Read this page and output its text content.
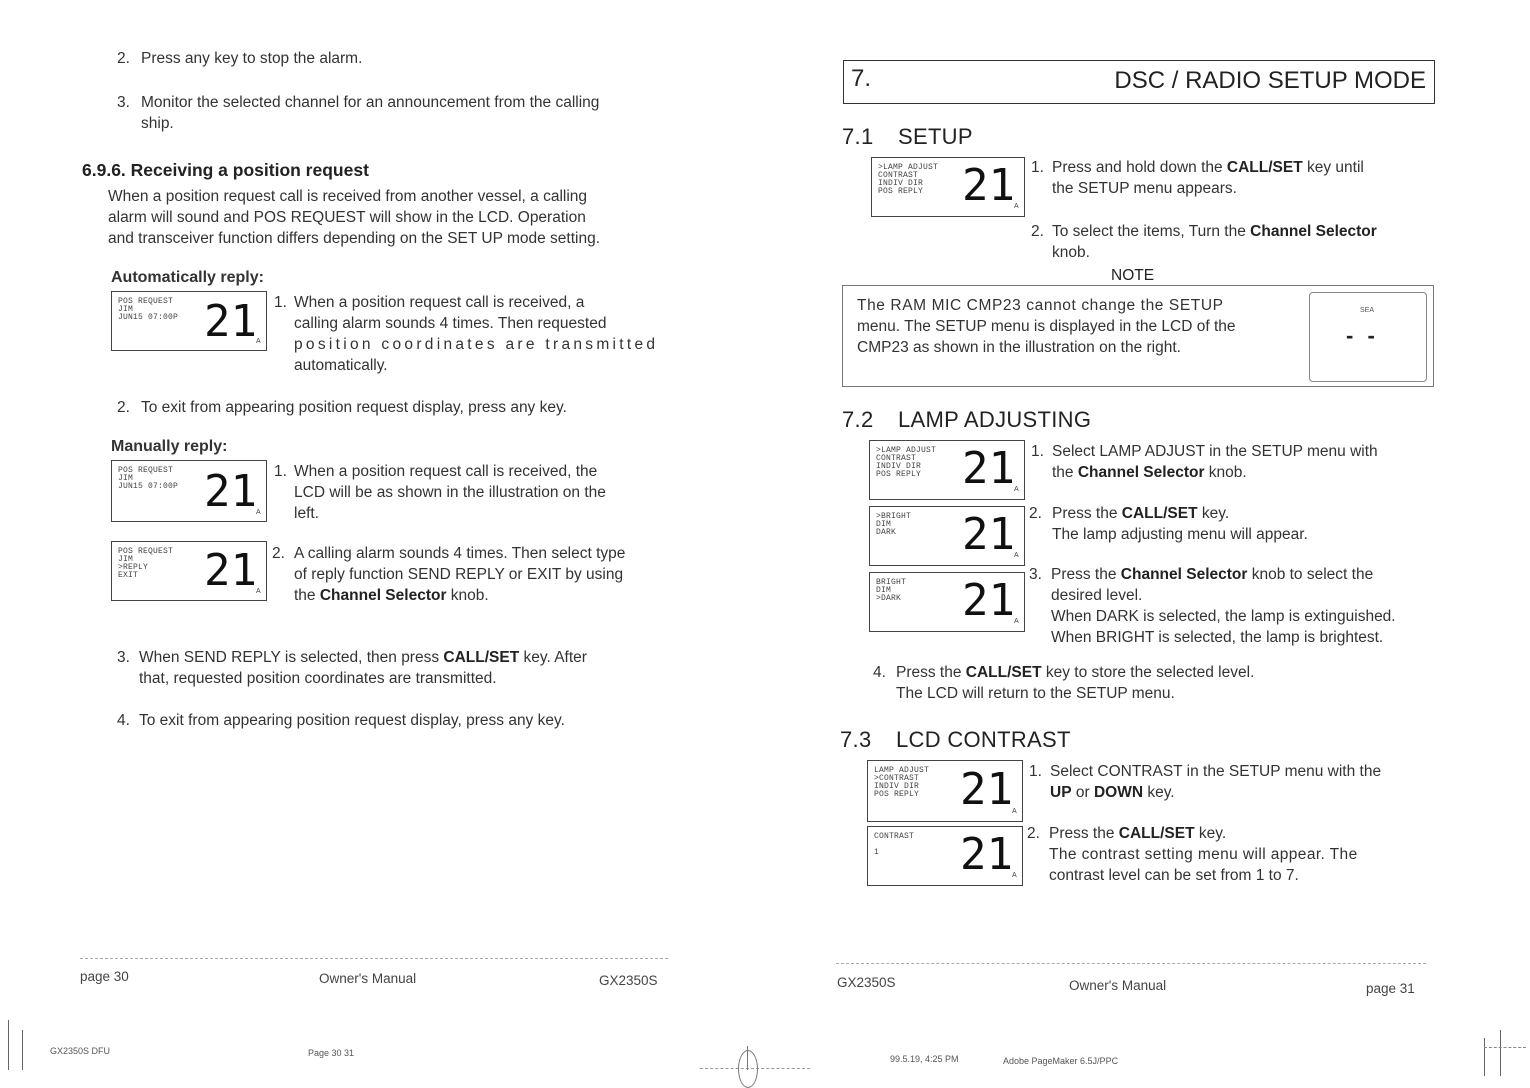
2. Press any key to stop the alarm.
3. Monitor the selected channel for an announcement from the calling
ship.
6.9.6. Receiving a position request
When a position request call is received from another vessel, a calling
alarm will sound and POS REQUEST will show in the LCD. Operation
and transceiver function differs depending on the SET UP mode setting.
Automatically reply:
POS REQUEST
JIM
JUN15 07:00P 21 A
1. When a position request call is received, a
calling alarm sounds 4 times. Then requested
position coordinates are transmitted
automatically.
2. To exit from appearing position request display, press any key.
Manually reply:
POS REQUEST
JIM
JUN15 07:00P 21 A
1. When a position request call is received, the
LCD will be as shown in the illustration on the
left.
POS REQUEST
JIM
>REPLY
EXIT	21 A
2. A calling alarm sounds 4 times. Then select type
of reply function SEND REPLY or EXIT by using
the Channel Selector knob.
3. When SEND REPLY is selected, then press CALL/SET key. After
that, requested position coordinates are transmitted.
4. To exit from appearing position request display, press any key.
page 30	Owner's Manual	GX2350S
7.	DSC / RADIO SETUP MODE
7.1 SETUP
>LAMP ADJUST
CONTRAST
INDIV DIR
POS REPLY 21 A
1. Press and hold down the CALL/SET key until
the SETUP menu appears.
2. To select the items, Turn the Channel Selector
knob.
NOTE
The RAM MIC CMP23 cannot change the SETUP
menu. The SETUP menu is displayed in the LCD of the
CMP23 as shown in the illustration on the right.
SEA
- -
7.2 LAMP ADJUSTING
>LAMP ADJUST
CONTRAST
INDIV DIR
POS REPLY 21 A
>BRIGHT
DIM
DARK	21 A
BRIGHT
DIM
>DARK 21 A
1. Select LAMP ADJUST in the SETUP menu with
the Channel Selector knob.
2. Press the CALL/SET key.
The lamp adjusting menu will appear.
3. Press the Channel Selector knob to select the
desired level.
When DARK is selected, the lamp is extinguished.
When BRIGHT is selected, the lamp is brightest.
4. Press the CALL/SET key to store the selected level.
The LCD will return to the SETUP menu.
7.3 LCD CONTRAST
LAMP ADJUST
>CONTRAST
INDIV DIR
POS REPLY 21 A
CONTRAST
1	21 A
1. Select CONTRAST in the SETUP menu with the
UP or DOWN key.
2. Press the CALL/SET key.
The contrast setting menu will appear. The
contrast level can be set from 1 to 7.
GX2350S	Owner's Manual	page 31
GX2350S DFU	Page 30 31
99.5.19, 4:25 PM	Adobe PageMaker 6.5J/PPC
